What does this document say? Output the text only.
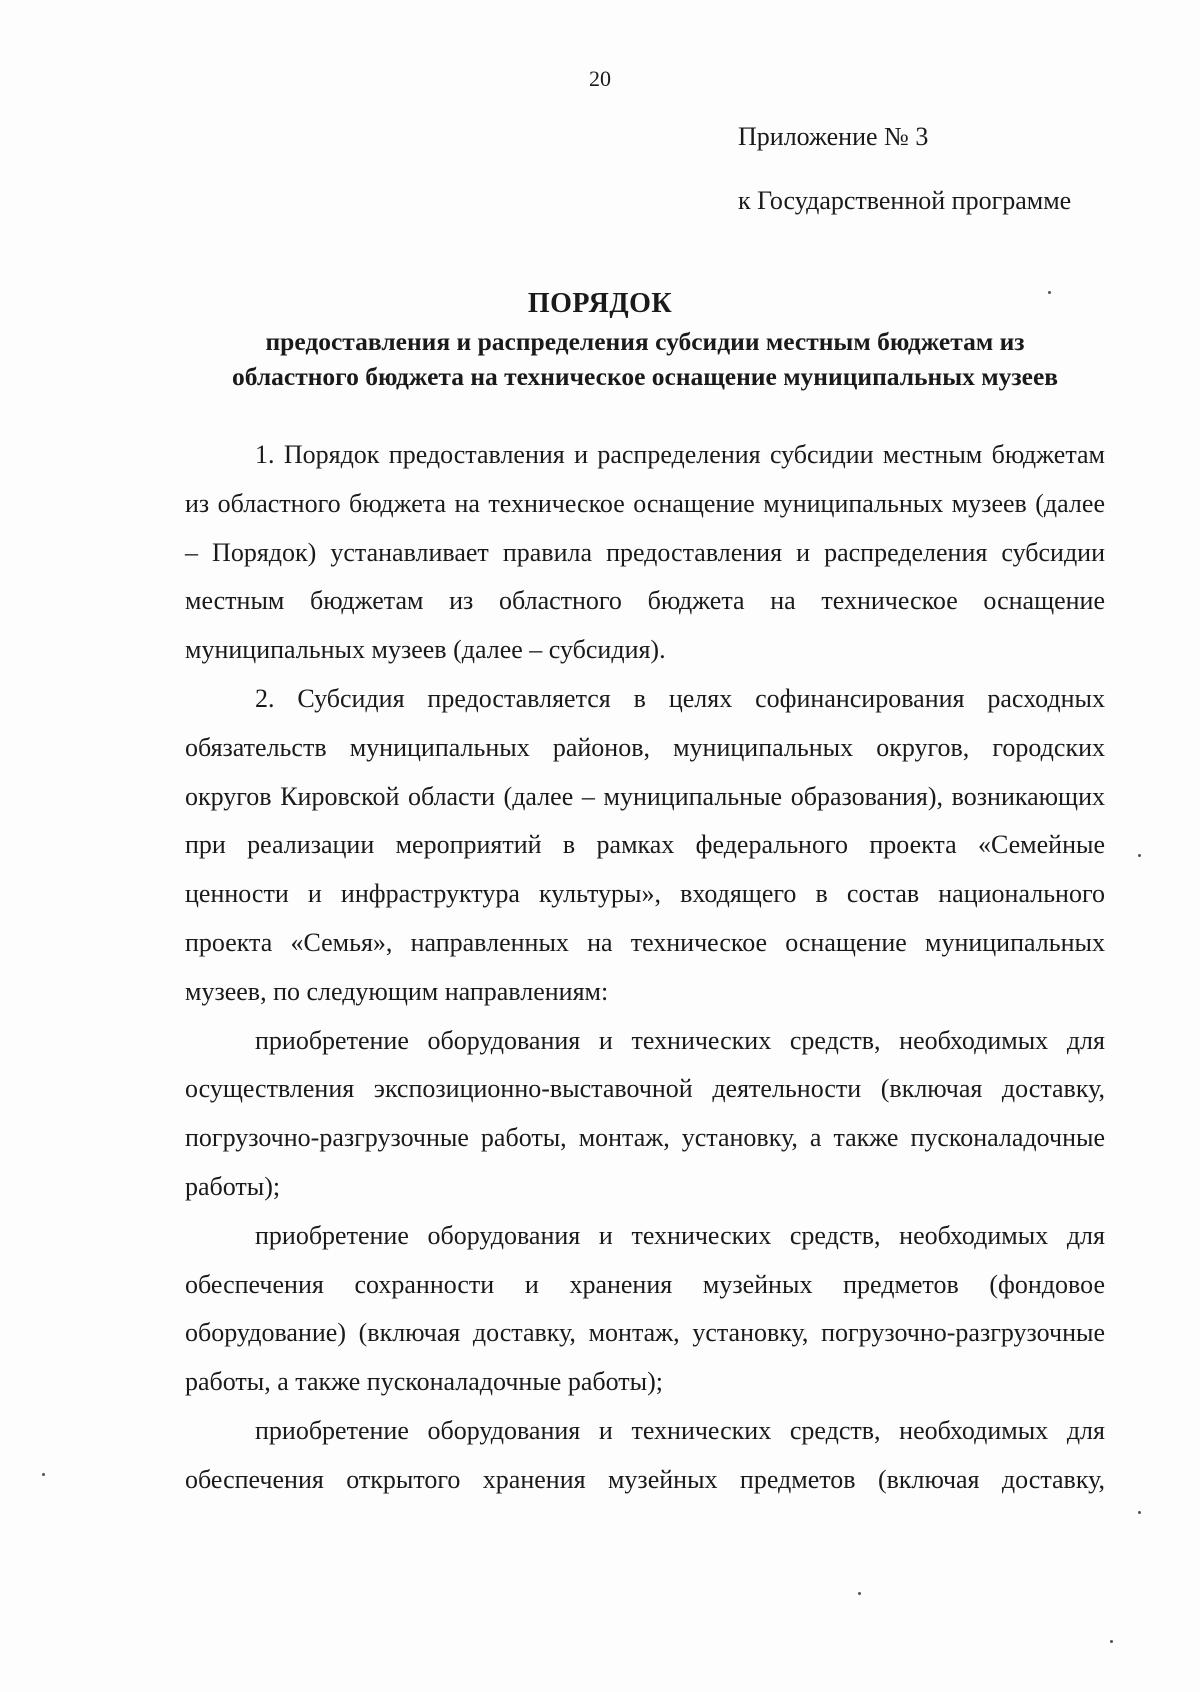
20
Приложение № 3
к Государственной программе
ПОРЯДОК
предоставления и распределения субсидии местным бюджетам из
областного бюджета на техническое оснащение муниципальных музеев

1. Порядок предоставления и распределения субсидии местным бюджетам из областного бюджета на техническое оснащение муниципальных музеев (далее – Порядок) устанавливает правила предоставления и распределения субсидии местным бюджетам из областного бюджета на техническое оснащение муниципальных музеев (далее – субсидия).

2. Субсидия предоставляется в целях софинансирования расходных обязательств муниципальных районов, муниципальных округов, городских округов Кировской области (далее – муниципальные образования), возникающих при реализации мероприятий в рамках федерального проекта «Семейные ценности и инфраструктура культуры», входящего в состав национального проекта «Семья», направленных на техническое оснащение муниципальных музеев, по следующим направлениям:

приобретение оборудования и технических средств, необходимых для осуществления экспозиционно-выставочной деятельности (включая доставку, погрузочно-разгрузочные работы, монтаж, установку, а также пусконаладочные работы);

приобретение оборудования и технических средств, необходимых для обеспечения сохранности и хранения музейных предметов (фондовое оборудование) (включая доставку, монтаж, установку, погрузочно-разгрузочные работы, а также пусконаладочные работы);

приобретение оборудования и технических средств, необходимых для обеспечения открытого хранения музейных предметов (включая доставку,
